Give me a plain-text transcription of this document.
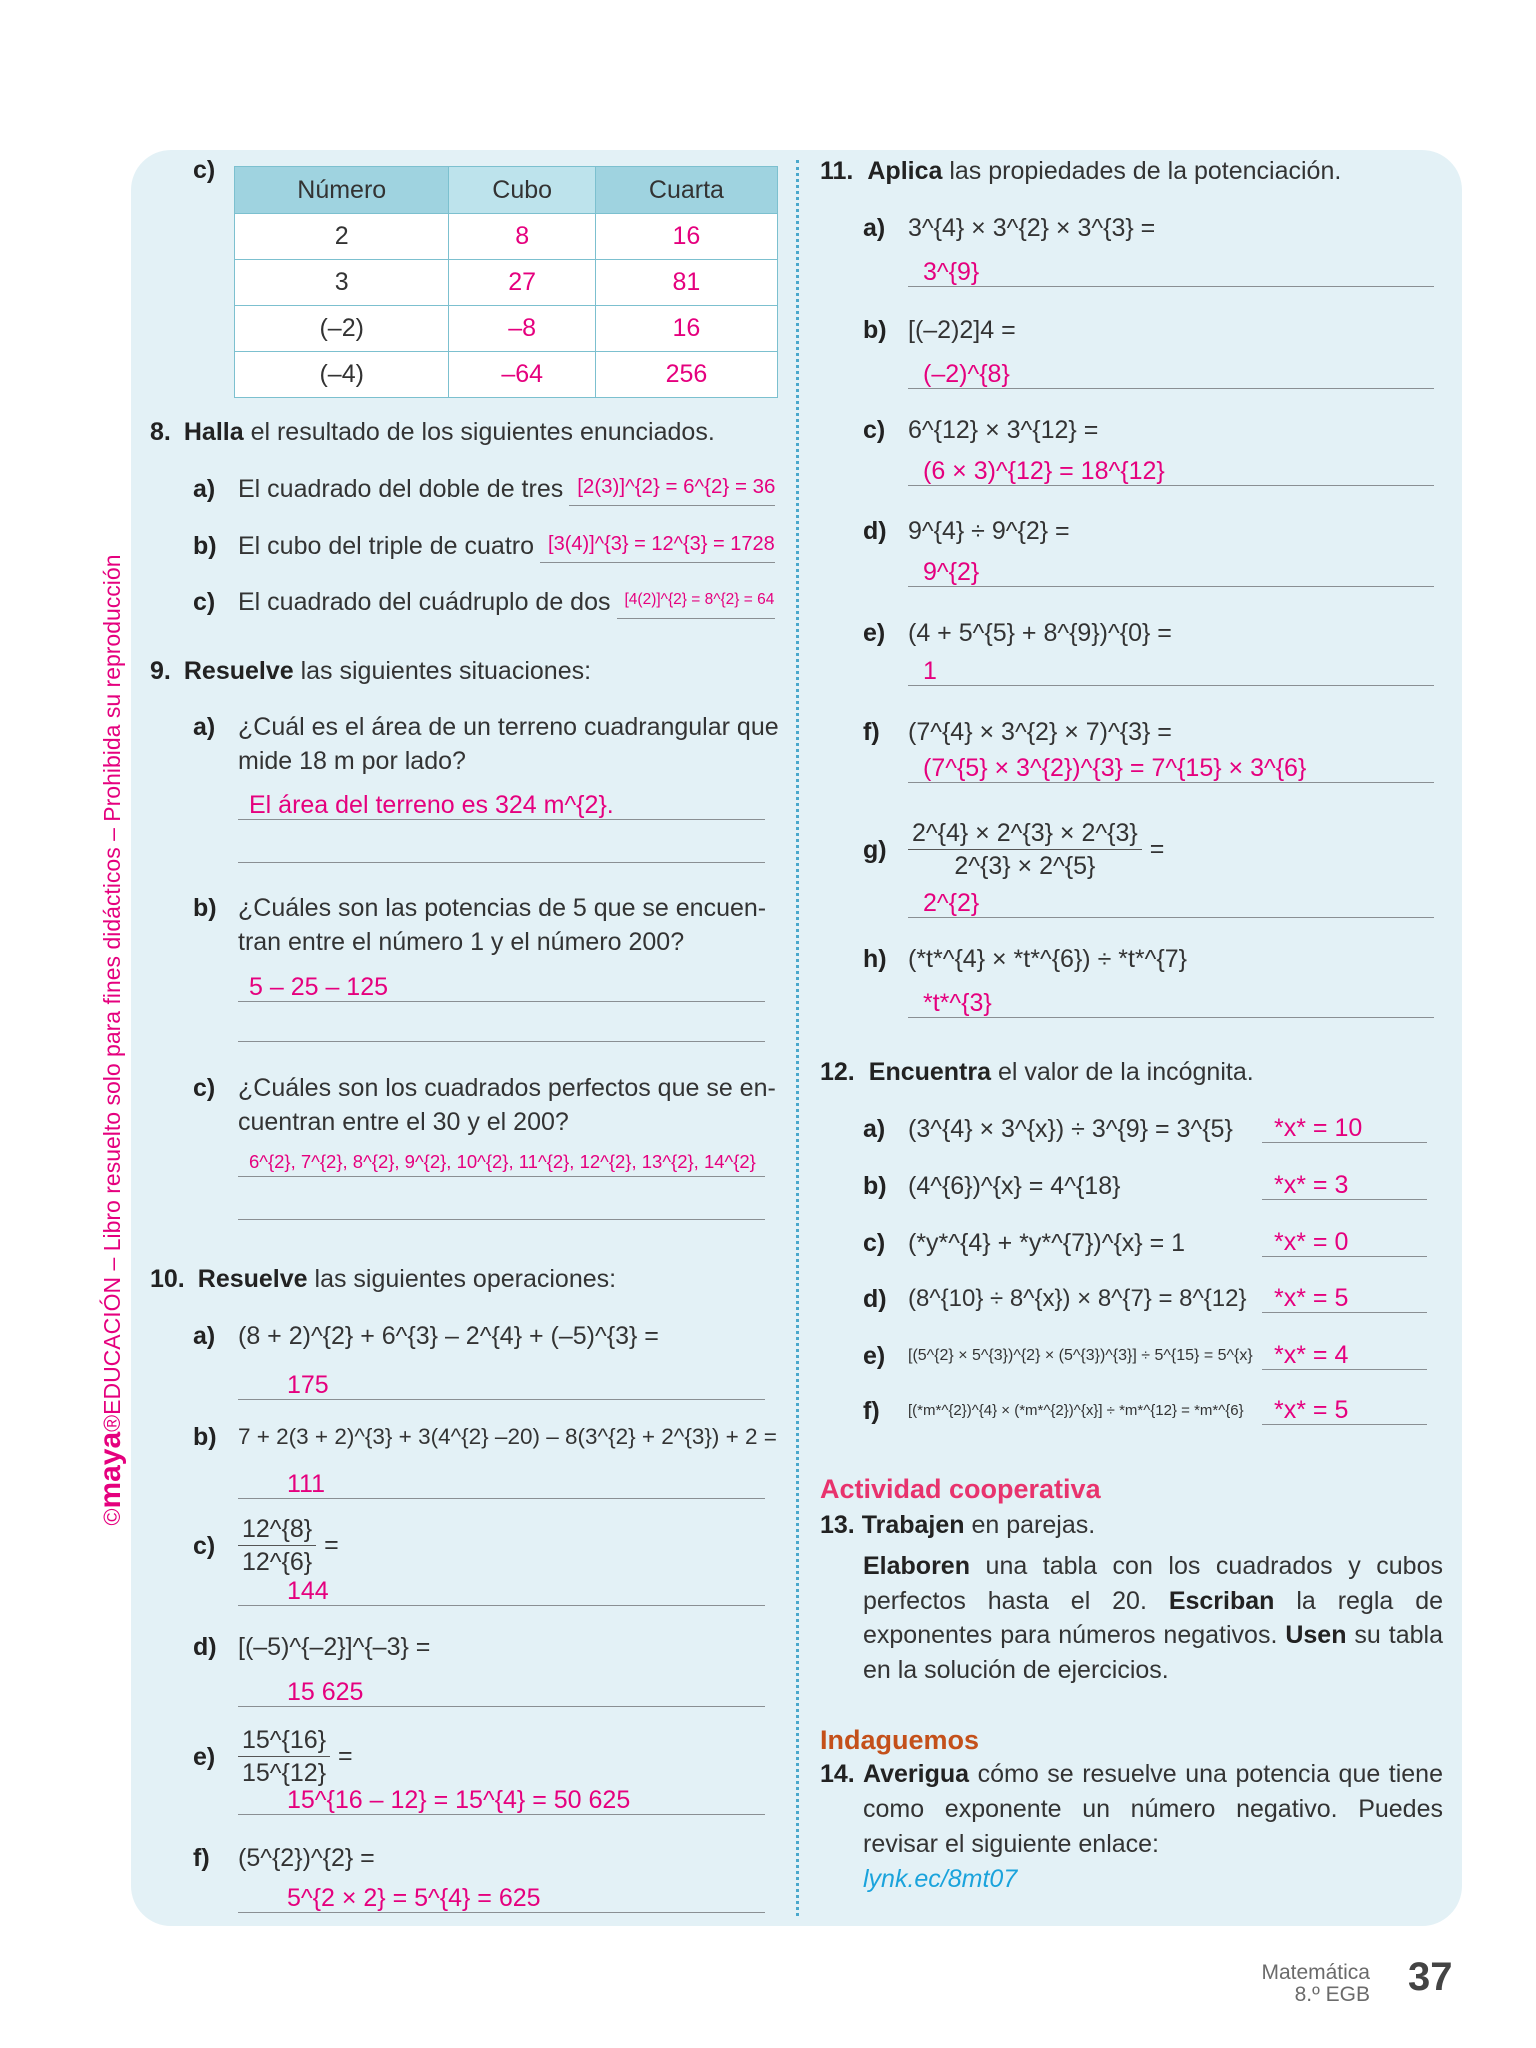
©maya®EDUCACIÓN – Libro resuelto solo para fines didácticos – Prohibida su reproducción
c)
Número	Cubo	Cuarta
2	8	16
3	27	81
(–2)	–8	16
(–4)	–64	256
8. Halla el resultado de los siguientes enunciados.
a) El cuadrado del doble de tres [2(3)]^{2} = 6^{2} = 36
b) El cubo del triple de cuatro [3(4)]^{3} = 12^{3} = 1728
c) El cuadrado del cuádruplo de dos [4(2)]^{2} = 8^{2} = 64
9. Resuelve las siguientes situaciones:
a) ¿Cuál es el área de un terreno cuadrangular que
mide 18 m por lado?
El área del terreno es 324 m^{2}.
b) ¿Cuáles son las potencias de 5 que se encuen-
tran entre el número 1 y el número 200?
5 – 25 – 125
c) ¿Cuáles son los cuadrados perfectos que se en-
cuentran entre el 30 y el 200?
6^{2}, 7^{2}, 8^{2}, 9^{2}, 10^{2}, 11^{2}, 12^{2}, 13^{2}, 14^{2}
10. Resuelve las siguientes operaciones:
a) (8 + 2)^{2} + 6^{3} – 2^{4} + (–5)^{3} =
175
b) 7 + 2(3 + 2)^{3} + 3(4^{2} –20) – 8(3^{2} + 2^{3}) + 2 =
111
$c) \frac{12\^{}\{8\}}{12\^{}\{6\}}$ =
144
d) [(–5)^{–2}]^{–3} =
15 625
$e) \frac{15\^{}\{16\}}{15\^{}\{12\}}$ =
15^{16 – 12} = 15^{4} = 50 625
f) (5^{2})^{2} =
5^{2 × 2} = 5^{4} = 625
11. Aplica las propiedades de la potenciación.
a) 3^{4} × 3^{2} × 3^{3} =
3^{9}
b) [(–2)2]4 =
(–2)^{8}
c) 6^{12} × 3^{12} =
(6 × 3)^{12} = 18^{12}
d) 9^{4} ÷ 9^{2} =
9^{2}
e) (4 + 5^{5} + 8^{9})^{0} =
1
f) (7^{4} × 3^{2} × 7)^{3} =
(7^{5} × 3^{2})^{3} = 7^{15} × 3^{6}
$g) \frac{2\^{}\{4\} \times 2\^{}\{3\} \times 2\^{}\{3\}}{2\^{}\{3\} \times 2\^{}\{5\}}$ =
2^{2}
h) (*t*^{4} × *t*^{6}) ÷ *t*^{7}
*t*^{3}
12. Encuentra el valor de la incógnita.
a) (3^{4} × 3^{x}) ÷ 3^{9} = 3^{5}	*x* = 10
b) (4^{6})^{x} = 4^{18}	*x* = 3
c) (*y*^{4} + *y*^{7})^{x} = 1	*x* = 0
d) (8^{10} ÷ 8^{x}) × 8^{7} = 8^{12}	*x* = 5
e) [(5^{2} × 5^{3})^{2} × (5^{3})^{3}] ÷ 5^{15} = 5^{x} *x* = 4
f) [(*m*^{2})^{4} × (*m*^{2})^{x}] ÷ *m*^{12} = *m*^{6}	*x* = 5
Actividad cooperativa
13. Trabajen en parejas.
Elaboren una tabla con los cuadrados y cubos perfectos hasta el 20. Escriban la regla de exponentes para números negativos. Usen su tabla en la solución de ejercicios.
Indaguemos
14. Averigua cómo se resuelve una potencia que tiene como exponente un número negativo. Puedes revisar el siguiente enlace:
lynk.ec/8mt07
Matemática
8.º EGB 37
